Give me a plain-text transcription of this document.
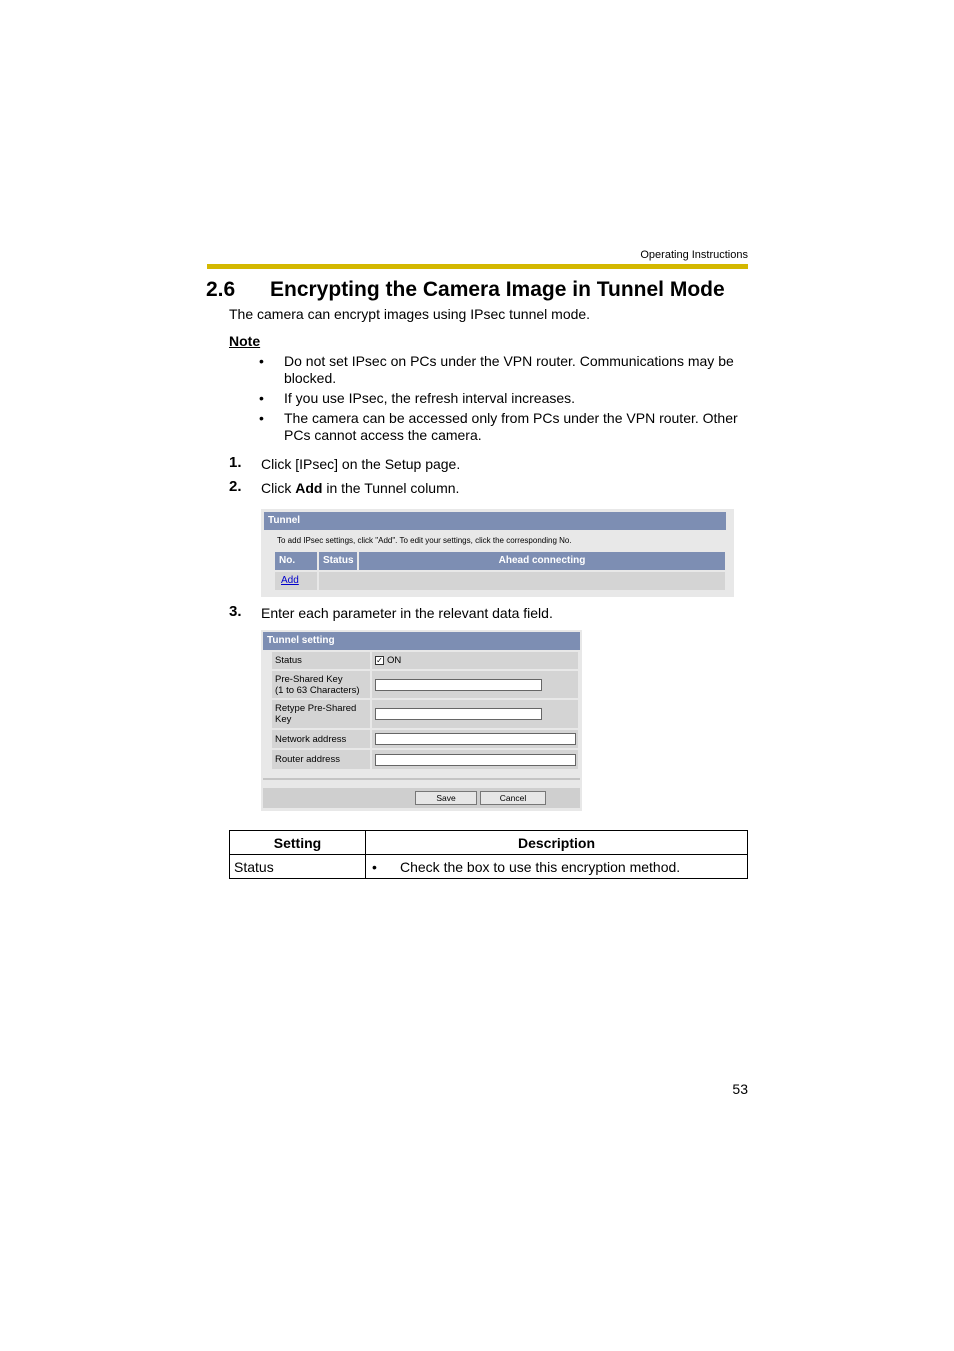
Operating Instructions
2.6 Encrypting the Camera Image in Tunnel Mode
The camera can encrypt images using IPsec tunnel mode.
Note
•	Do not set IPsec on PCs under the VPN router. Communications may be blocked.
•	If you use IPsec, the refresh interval increases.
•	The camera can be accessed only from PCs under the VPN router. Other PCs cannot access the camera.
1. Click [IPsec] on the Setup page.
2. Click Add in the Tunnel column.
Tunnel
To add IPsec settings, click "Add". To edit your settings, click the corresponding No.
No.	Status	Ahead connecting
Add
3. Enter each parameter in the relevant data field.
Tunnel setting
Status	✓ ON
Pre-Shared Key
(1 to 63 Characters)
Retype Pre-Shared
Key
Network address
Router address
Save	Cancel
Setting	Description
Status	• Check the box to use this encryption method.
53
